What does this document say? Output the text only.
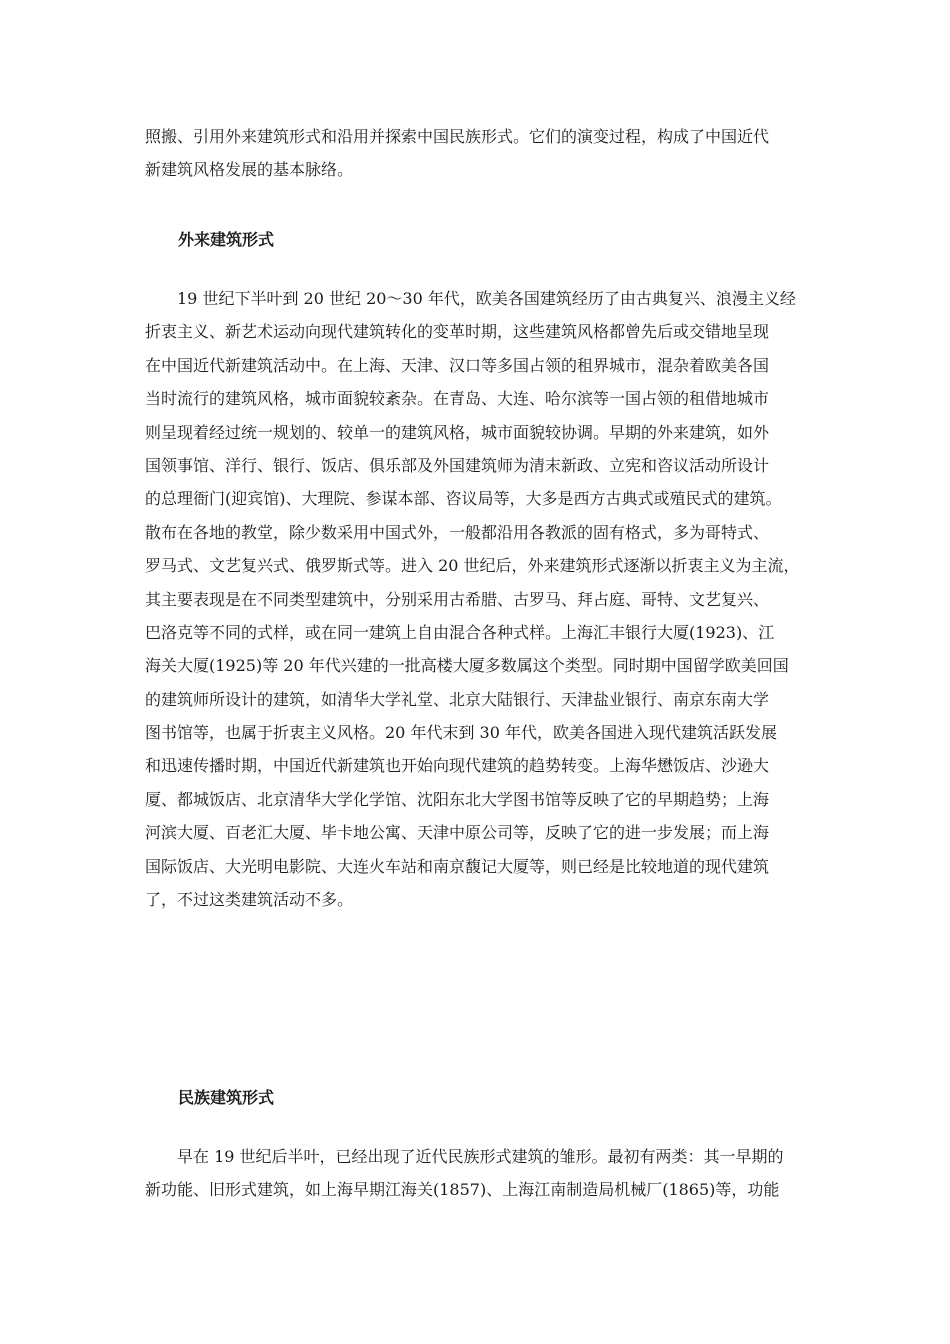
照搬、引用外来建筑形式和沿用并探索中国民族形式。它们的演变过程，构成了中国近代

新建筑风格发展的基本脉络。

外来建筑形式

　　19 世纪下半叶到 20 世纪 20～30 年代，欧美各国建筑经历了由古典复兴、浪漫主义经

折衷主义、新艺术运动向现代建筑转化的变革时期，这些建筑风格都曾先后或交错地呈现

在中国近代新建筑活动中。在上海、天津、汉口等多国占领的租界城市，混杂着欧美各国

当时流行的建筑风格，城市面貌较紊杂。在青岛、大连、哈尔滨等一国占领的租借地城市

则呈现着经过统一规划的、较单一的建筑风格，城市面貌较协调。早期的外来建筑，如外

国领事馆、洋行、银行、饭店、俱乐部及外国建筑师为清末新政、立宪和咨议活动所设计

的总理衙门(迎宾馆)、大理院、参谋本部、咨议局等，大多是西方古典式或殖民式的建筑。

散布在各地的教堂，除少数采用中国式外，一般都沿用各教派的固有格式，多为哥特式、

罗马式、文艺复兴式、俄罗斯式等。进入 20 世纪后，外来建筑形式逐渐以折衷主义为主流，

其主要表现是在不同类型建筑中，分别采用古希腊、古罗马、拜占庭、哥特、文艺复兴、

巴洛克等不同的式样，或在同一建筑上自由混合各种式样。上海汇丰银行大厦(1923)、江

海关大厦(1925)等 20 年代兴建的一批高楼大厦多数属这个类型。同时期中国留学欧美回国

的建筑师所设计的建筑，如清华大学礼堂、北京大陆银行、天津盐业银行、南京东南大学

图书馆等，也属于折衷主义风格。20 年代末到 30 年代，欧美各国进入现代建筑活跃发展

和迅速传播时期，中国近代新建筑也开始向现代建筑的趋势转变。上海华懋饭店、沙逊大

厦、都城饭店、北京清华大学化学馆、沈阳东北大学图书馆等反映了它的早期趋势；上海

河滨大厦、百老汇大厦、毕卡地公寓、天津中原公司等，反映了它的进一步发展；而上海

国际饭店、大光明电影院、大连火车站和南京馥记大厦等，则已经是比较地道的现代建筑

了，不过这类建筑活动不多。

民族建筑形式

　　早在 19 世纪后半叶，已经出现了近代民族形式建筑的雏形。最初有两类：其一早期的

新功能、旧形式建筑，如上海早期江海关(1857)、上海江南制造局机械厂(1865)等，功能
